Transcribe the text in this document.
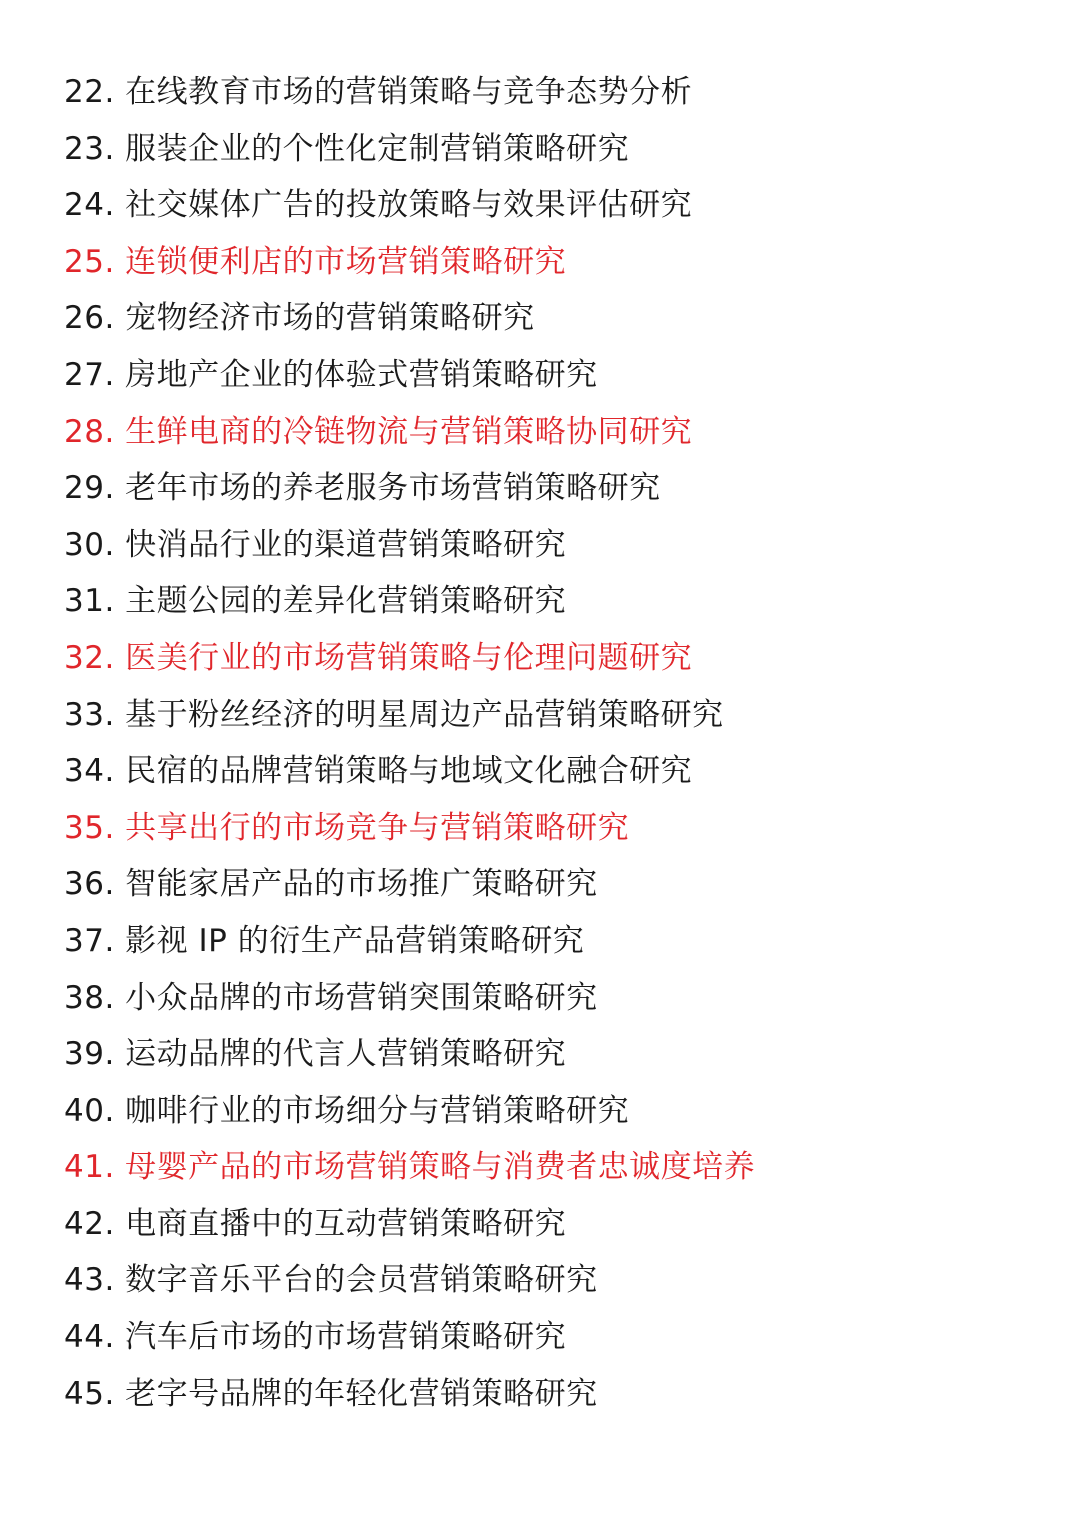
22. 在线教育市场的营销策略与竞争态势分析
23. 服装企业的个性化定制营销策略研究
24. 社交媒体广告的投放策略与效果评估研究
25. 连锁便利店的市场营销策略研究
26. 宠物经济市场的营销策略研究
27. 房地产企业的体验式营销策略研究
28. 生鲜电商的冷链物流与营销策略协同研究
29. 老年市场的养老服务市场营销策略研究
30. 快消品行业的渠道营销策略研究
31. 主题公园的差异化营销策略研究
32. 医美行业的市场营销策略与伦理问题研究
33. 基于粉丝经济的明星周边产品营销策略研究
34. 民宿的品牌营销策略与地域文化融合研究
35. 共享出行的市场竞争与营销策略研究
36. 智能家居产品的市场推广策略研究
37. 影视 IP 的衍生产品营销策略研究
38. 小众品牌的市场营销突围策略研究
39. 运动品牌的代言人营销策略研究
40. 咖啡行业的市场细分与营销策略研究
41. 母婴产品的市场营销策略与消费者忠诚度培养
42. 电商直播中的互动营销策略研究
43. 数字音乐平台的会员营销策略研究
44. 汽车后市场的市场营销策略研究
45. 老字号品牌的年轻化营销策略研究
